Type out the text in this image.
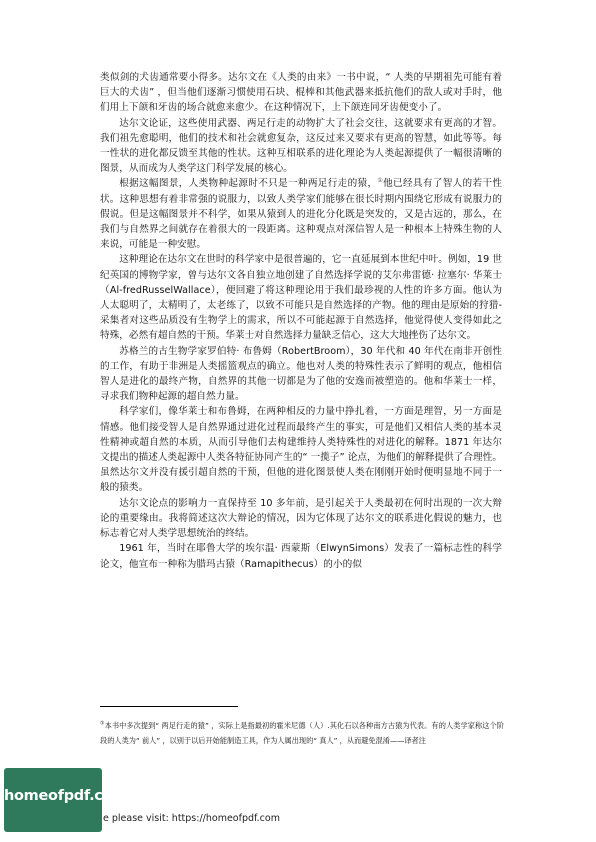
类似剑的犬齿通常要小得多。达尔文在《人类的由来》一书中说，“ 人类的早期祖先可能有着巨大的犬齿” ，但当他们逐渐习惯使用石块、棍棒和其他武器来抵抗他们的敌人或对手时，他们用上下颌和牙齿的场合就愈来愈少。在这种情况下，上下颌连同牙齿便变小了。

达尔文论证，这些使用武器、两足行走的动物扩大了社会交往，这就要求有更高的才智。我们祖先愈聪明，他们的技术和社会就愈复杂，这反过来又要求有更高的智慧，如此等等。每一性状的进化都反馈至其他的性状。这种互相联系的进化理论为人类起源提供了一幅很清晰的图景，从而成为人类学这门科学发展的核心。

根据这幅图景，人类物种起源时不只是一种两足行走的猿，①他已经具有了智人的若干性状。这种思想有着非常强的说服力，以致人类学家们能够在很长时期内围绕它形成有说服力的假说。但是这幅图景并不科学，如果从猿到人的进化分化既是突发的，又是古远的，那么，在我们与自然界之间就存在着很大的一段距离。这种观点对深信智人是一种根本上特殊生物的人来说，可能是一种安慰。

这种理论在达尔文在世时的科学家中是很普遍的，它一直延展到本世纪中叶。例如，19 世纪英国的博物学家，曾与达尔文各自独立地创建了自然选择学说的艾尔弗雷德· 拉塞尔· 华莱士（Al-fredRusselWallace），便回避了将这种理论用于我们最珍视的人性的许多方面。他认为人太聪明了，太精明了，太老练了，以致不可能只是自然选择的产物。他的理由是原始的狩猎-采集者对这些品质没有生物学上的需求，所以不可能起源于自然选择，他觉得使人变得如此之特殊，必然有超自然的干预。华莱士对自然选择力量缺乏信心，这大大地挫伤了达尔文。

苏格兰的古生物学家罗伯特· 布鲁姆（RobertBroom），30 年代和 40 年代在南非开创性的工作，有助于非洲是人类摇篮观点的确立。他也对人类的特殊性表示了鲜明的观点，他相信智人是进化的最终产物，自然界的其他一切都是为了他的安逸而被塑造的。他和华莱士一样，寻求我们物种起源的超自然力量。

科学家们，像华莱士和布鲁姆，在两种相反的力量中挣扎着，一方面是理智，另一方面是情感。他们接受智人是自然界通过进化过程而最终产生的事实，可是他们又相信人类的基本灵性精神或超自然的本质，从而引导他们去构建维持人类特殊性的对进化的解释。1871 年达尔文提出的描述人类起源中人类各特征协同产生的“ 一揽子” 论点，为他们的解释提供了合理性。虽然达尔文并没有援引超自然的干预，但他的进化图景使人类在刚刚开始时便明显地不同于一般的猿类。

达尔文论点的影响力一直保持至 10 多年前，是引起关于人类最初在何时出现的一次大辩论的重要缘由。我将简述这次大辩论的情况，因为它体现了达尔文的联系进化假说的魅力，也标志着它对人类学思想统治的终结。

1961 年，当时在耶鲁大学的埃尔温· 西蒙斯（ElwynSimons）发表了一篇标志性的科学论文，他宣布一种称为腊玛古猿（Ramapithecus）的小的似

①本书中多次提到“ 两足行走的猿” ，实际上是指最初的霍米尼德（人）.其化石以各种南方古猿为代表。有的人类学家称这个阶段的人类为“ 前人” ，以别于以后开始能制造工具，作为人属出现的“ 真人” ，从而避免混淆——译者注

homeofpdf.com

e please visit: https://homeofpdf.com
